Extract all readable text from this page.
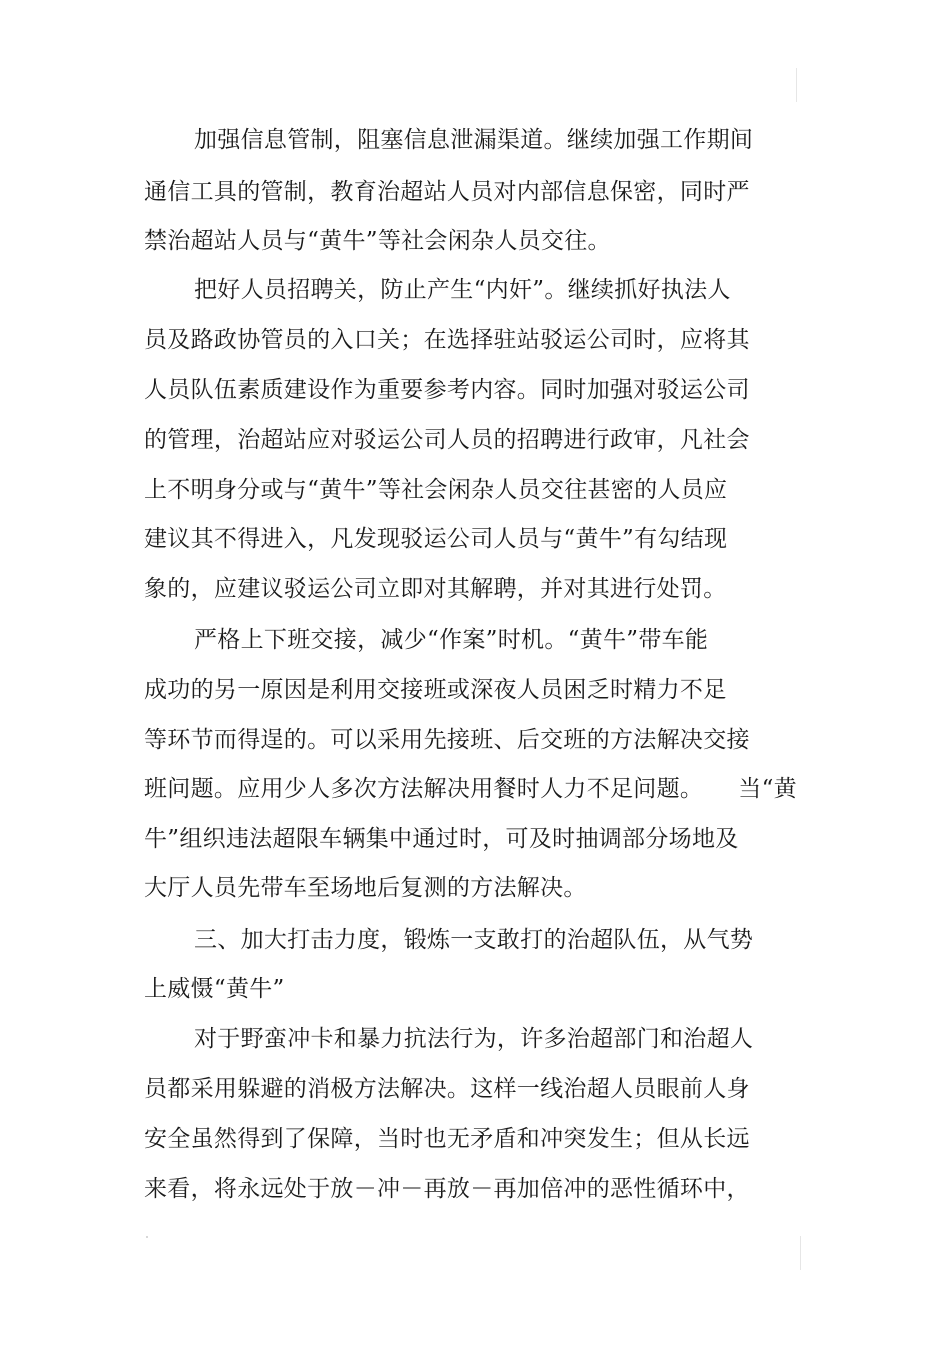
加强信息管制，阻塞信息泄漏渠道。继续加强工作期间

通信工具的管制，教育治超站人员对内部信息保密，同时严

禁治超站人员与“黄牛”等社会闲杂人员交往。

把好人员招聘关，防止产生“内奸”。继续抓好执法人

员及路政协管员的入口关；在选择驻站驳运公司时，应将其

人员队伍素质建设作为重要参考内容。同时加强对驳运公司

的管理，治超站应对驳运公司人员的招聘进行政审，凡社会

上不明身分或与“黄牛”等社会闲杂人员交往甚密的人员应

建议其不得进入，凡发现驳运公司人员与“黄牛”有勾结现

象的，应建议驳运公司立即对其解聘，并对其进行处罚。

严格上下班交接，减少“作案”时机。“黄牛”带车能

成功的另一原因是利用交接班或深夜人员困乏时精力不足

等环节而得逞的。可以采用先接班、后交班的方法解决交接

班问题。应用少人多次方法解决用餐时人力不足问题。　　当“黄

牛”组织违法超限车辆集中通过时，可及时抽调部分场地及

大厅人员先带车至场地后复测的方法解决。

三、加大打击力度，锻炼一支敢打的治超队伍，从气势

上威慑“黄牛”

对于野蛮冲卡和暴力抗法行为，许多治超部门和治超人

员都采用躲避的消极方法解决。这样一线治超人员眼前人身

安全虽然得到了保障，当时也无矛盾和冲突发生；但从长远

来看，将永远处于放－冲－再放－再加倍冲的恶性循环中，
